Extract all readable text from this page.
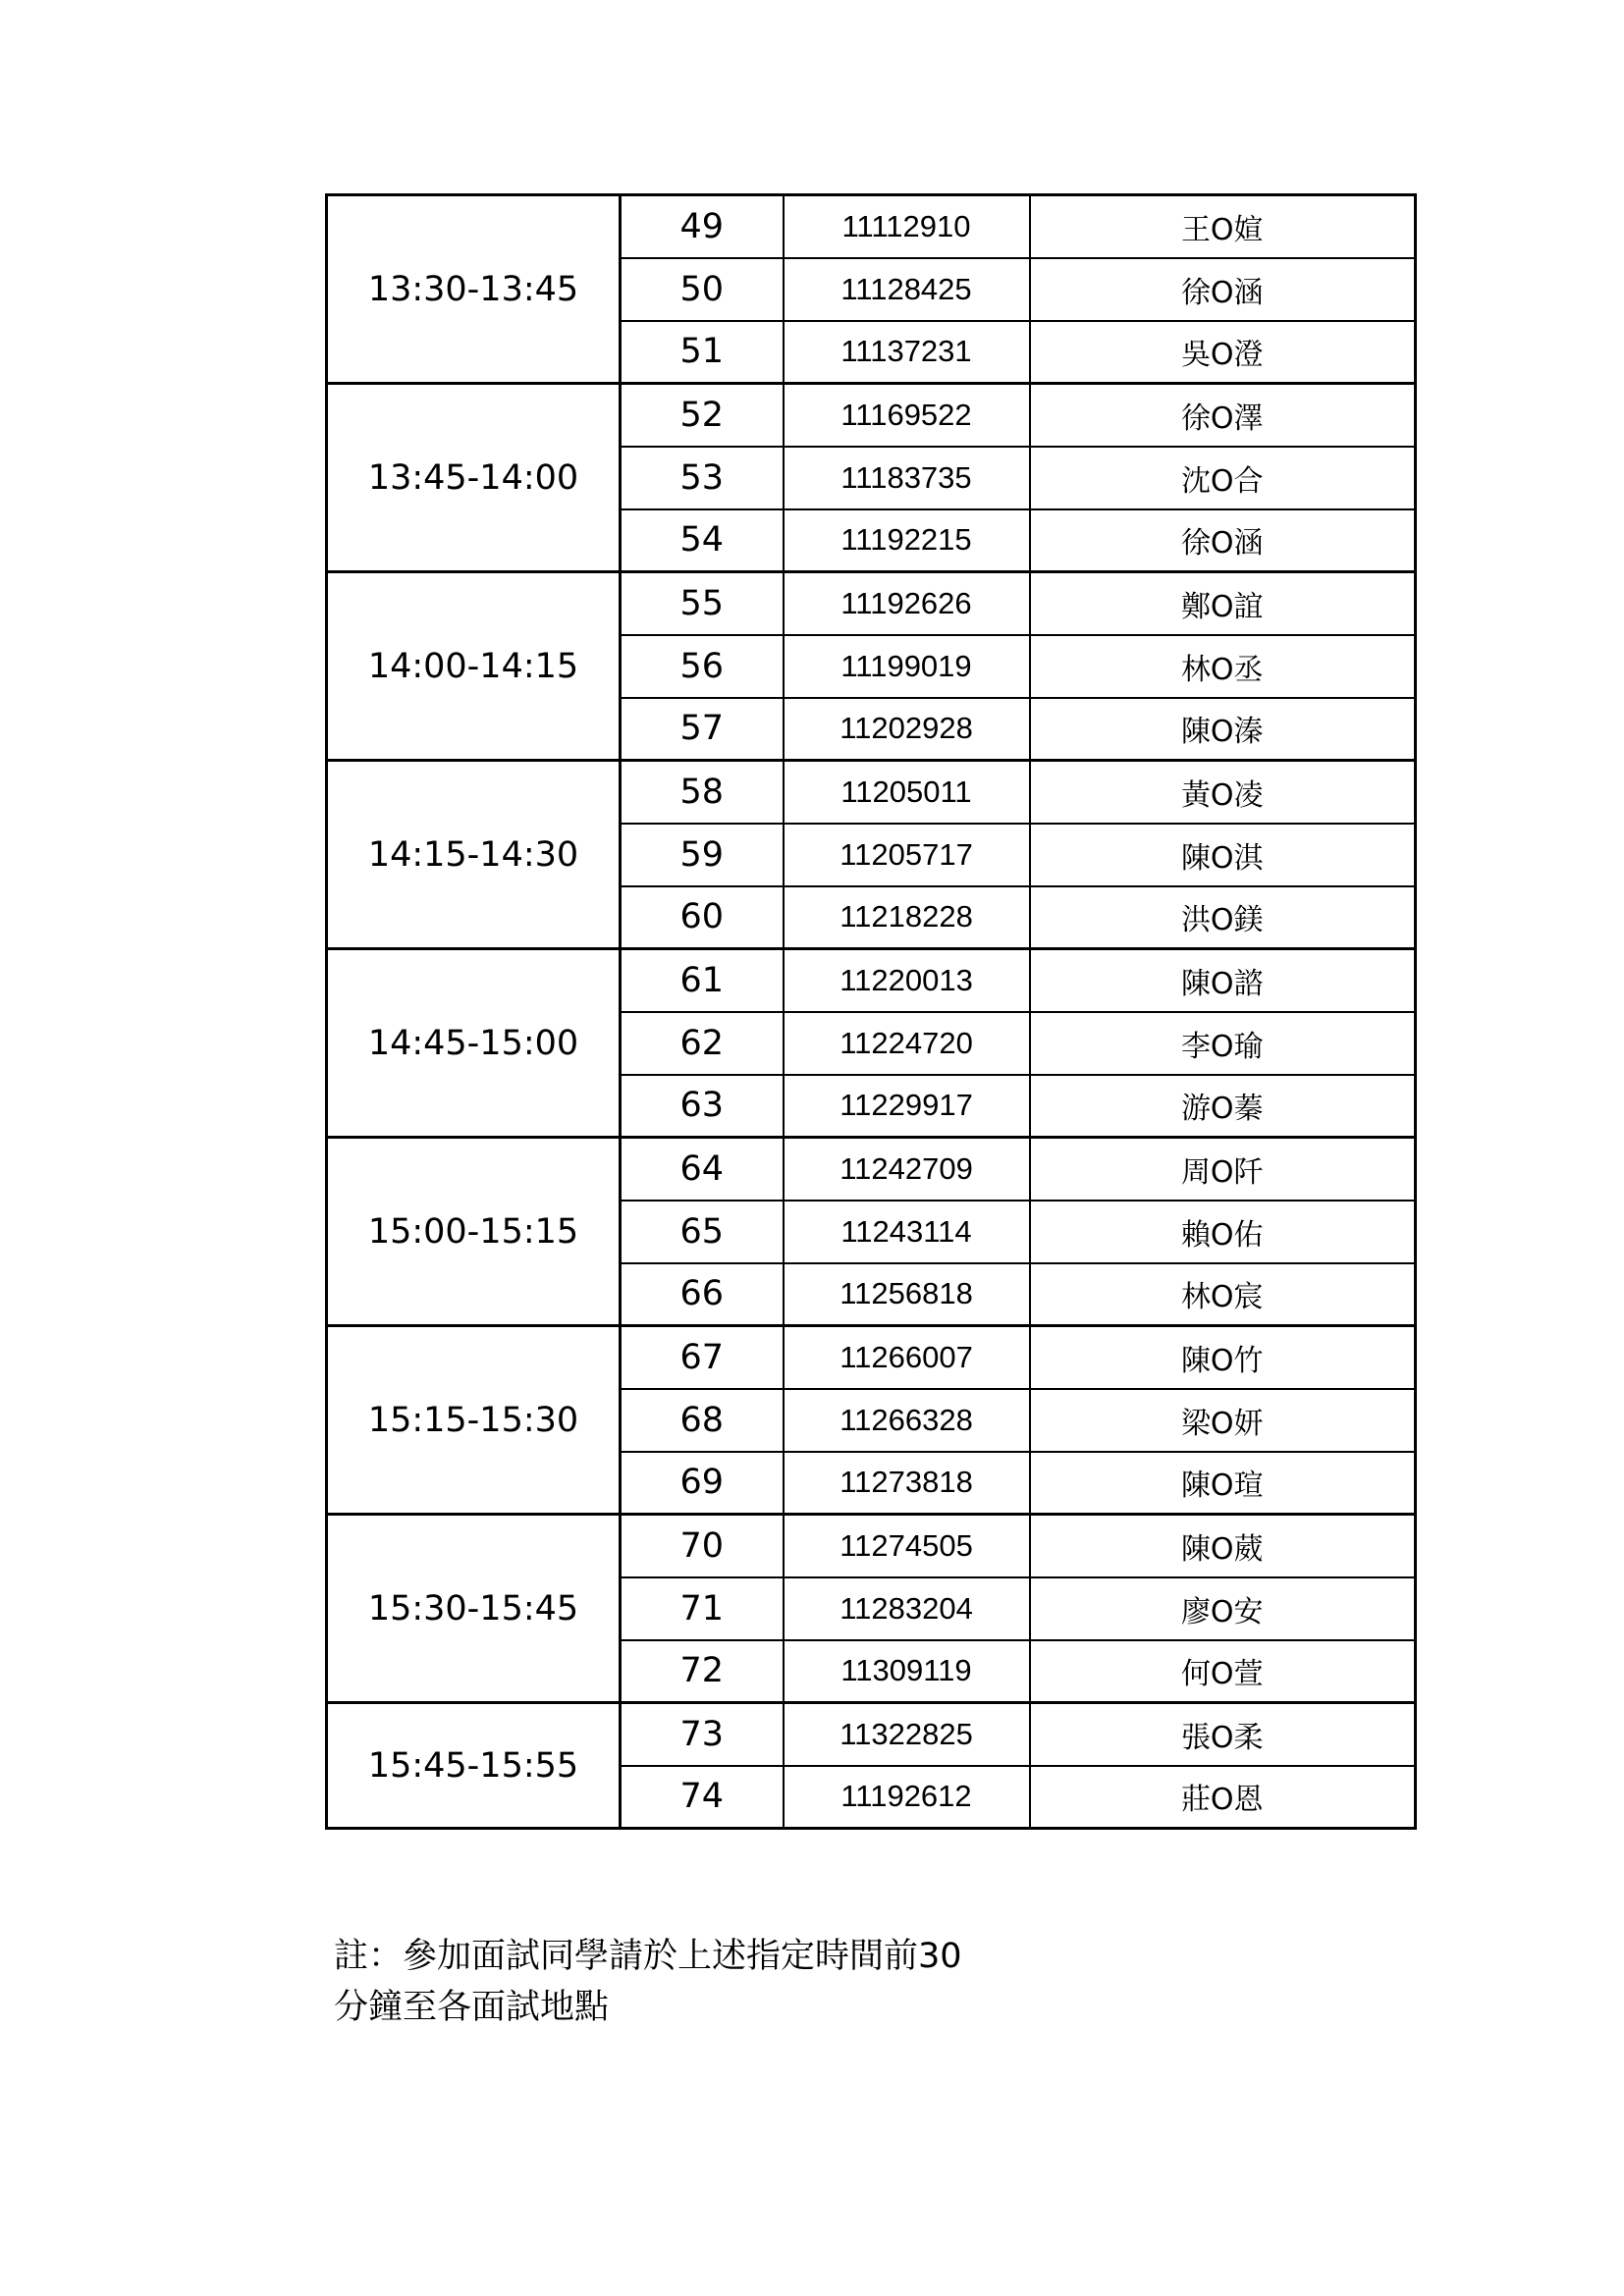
13:30-13:45	49	11112910	王O媗
	50	11128425	徐O涵
	51	11137231	吳O澄
13:45-14:00	52	11169522	徐O澤
	53	11183735	沈O合
	54	11192215	徐O涵
14:00-14:15	55	11192626	鄭O誼
	56	11199019	林O丞
	57	11202928	陳O溱
14:15-14:30	58	11205011	黃O凌
	59	11205717	陳O淇
	60	11218228	洪O鎂
14:45-15:00	61	11220013	陳O諮
	62	11224720	李O瑜
	63	11229917	游O蓁
15:00-15:15	64	11242709	周O阡
	65	11243114	賴O佑
	66	11256818	林O宸
15:15-15:30	67	11266007	陳O竹
	68	11266328	梁O妍
	69	11273818	陳O瑄
15:30-15:45	70	11274505	陳O葳
	71	11283204	廖O安
	72	11309119	何O萱
15:45-15:55	73	11322825	張O柔
	74	11192612	莊O恩
註：參加面試同學請於上述指定時間前30
分鐘至各面試地點
